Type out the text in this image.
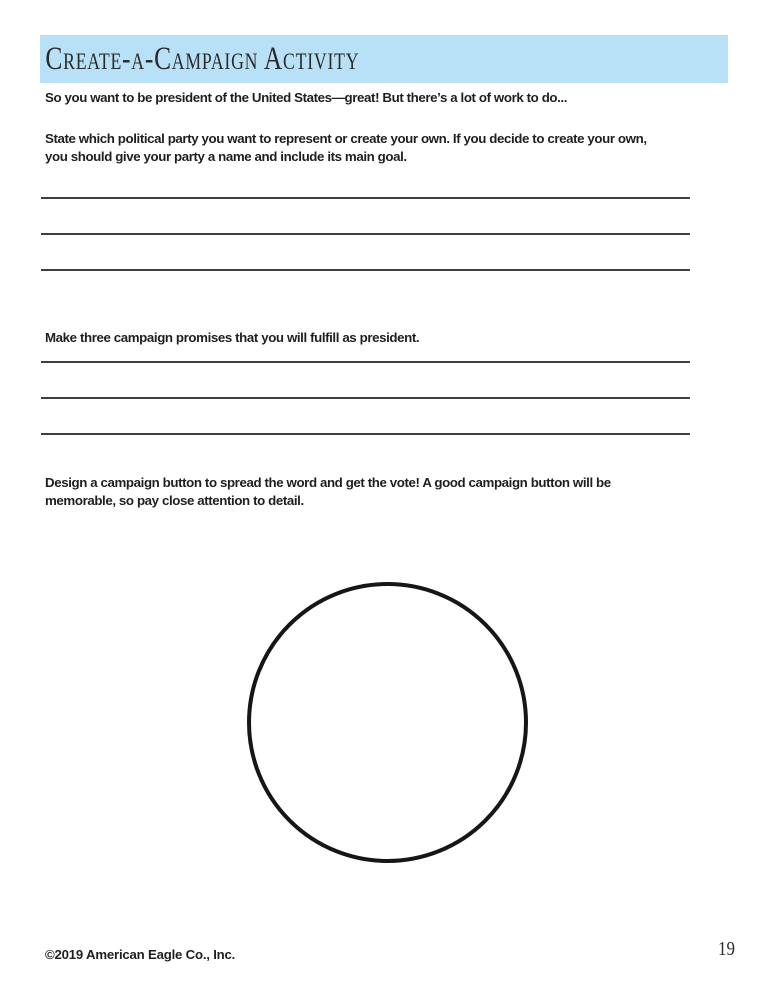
Create-a-Campaign Activity
So you want to be president of the United States—great! But there’s a lot of work to do...
State which political party you want to represent or create your own. If you decide to create your own,
you should give your party a name and include its main goal.
Make three campaign promises that you will fulfill as president.
Design a campaign button to spread the word and get the vote! A good campaign button will be
memorable, so pay close attention to detail.
©2019 American Eagle Co., Inc.	19
